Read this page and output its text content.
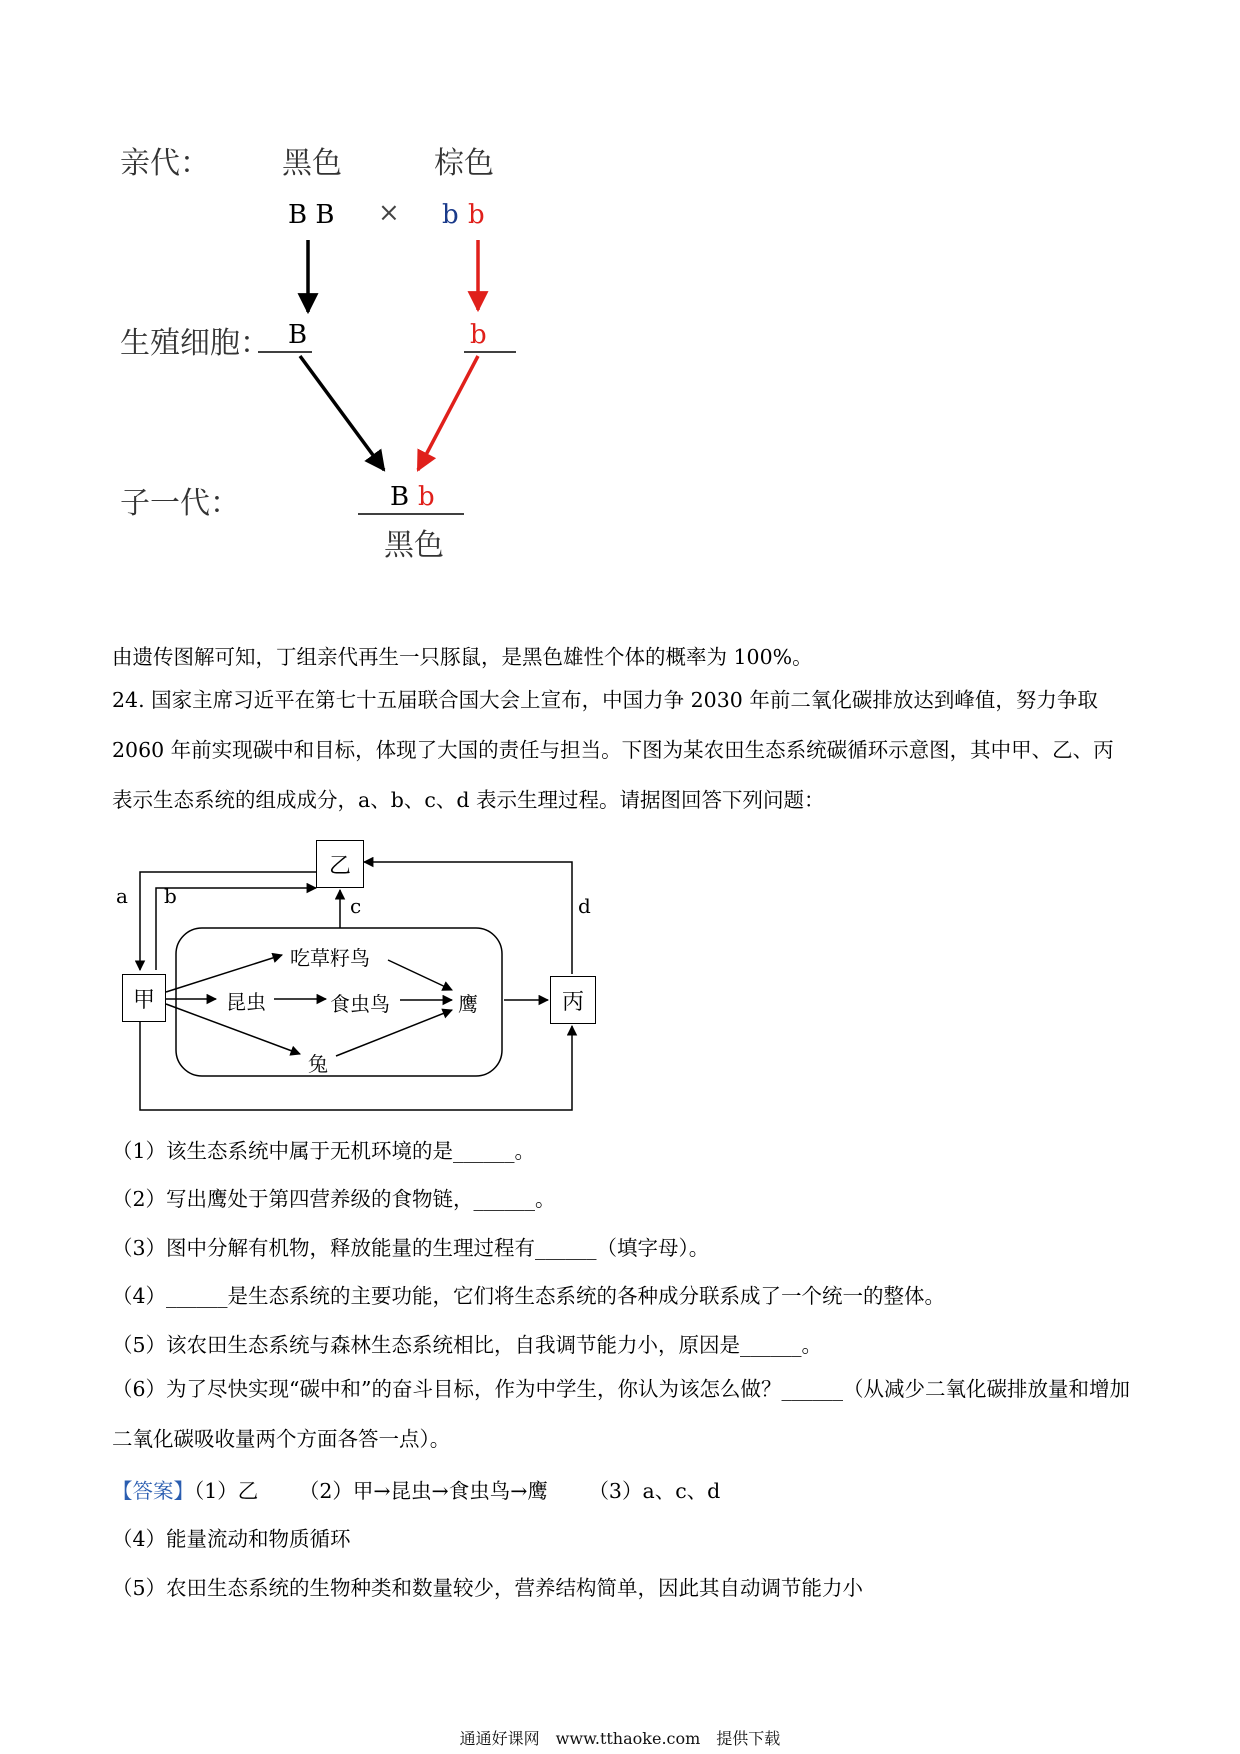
亲代： 黑色	棕色
B B × b b
生殖细胞： B	b
子一代：	B b
黑色
由遗传图解可知，丁组亲代再生一只豚鼠，是黑色雄性个体的概率为 100%。
24. 国家主席习近平在第七十五届联合国大会上宣布，中国力争 2030 年前二氧化碳排放达到峰值，努力争取 2060 年前实现碳中和目标，体现了大国的责任与担当。下图为某农田生态系统碳循环示意图，其中甲、乙、丙表示生态系统的组成成分，a、b、c、d 表示生理过程。请据图回答下列问题：
乙
甲	丙
a b	c	d
吃草籽鸟
昆虫	食虫鸟	鹰
兔
（1）该生态系统中属于无机环境的是______。
（2）写出鹰处于第四营养级的食物链，______。
（3）图中分解有机物，释放能量的生理过程有______（填字母）。
（4）______是生态系统的主要功能，它们将生态系统的各种成分联系成了一个统一的整体。
（5）该农田生态系统与森林生态系统相比，自我调节能力小，原因是______。
（6）为了尽快实现“碳中和”的奋斗目标，作为中学生，你认为该怎么做？______（从减少二氧化碳排放量和增加二氧化碳吸收量两个方面各答一点）。
【答案】（1）乙 （2）甲→昆虫→食虫鸟→鹰 （3）a、c、d
（4）能量流动和物质循环
（5）农田生态系统的生物种类和数量较少，营养结构简单，因此其自动调节能力小
通通好课网　www.tthaoke.com　提供下载
